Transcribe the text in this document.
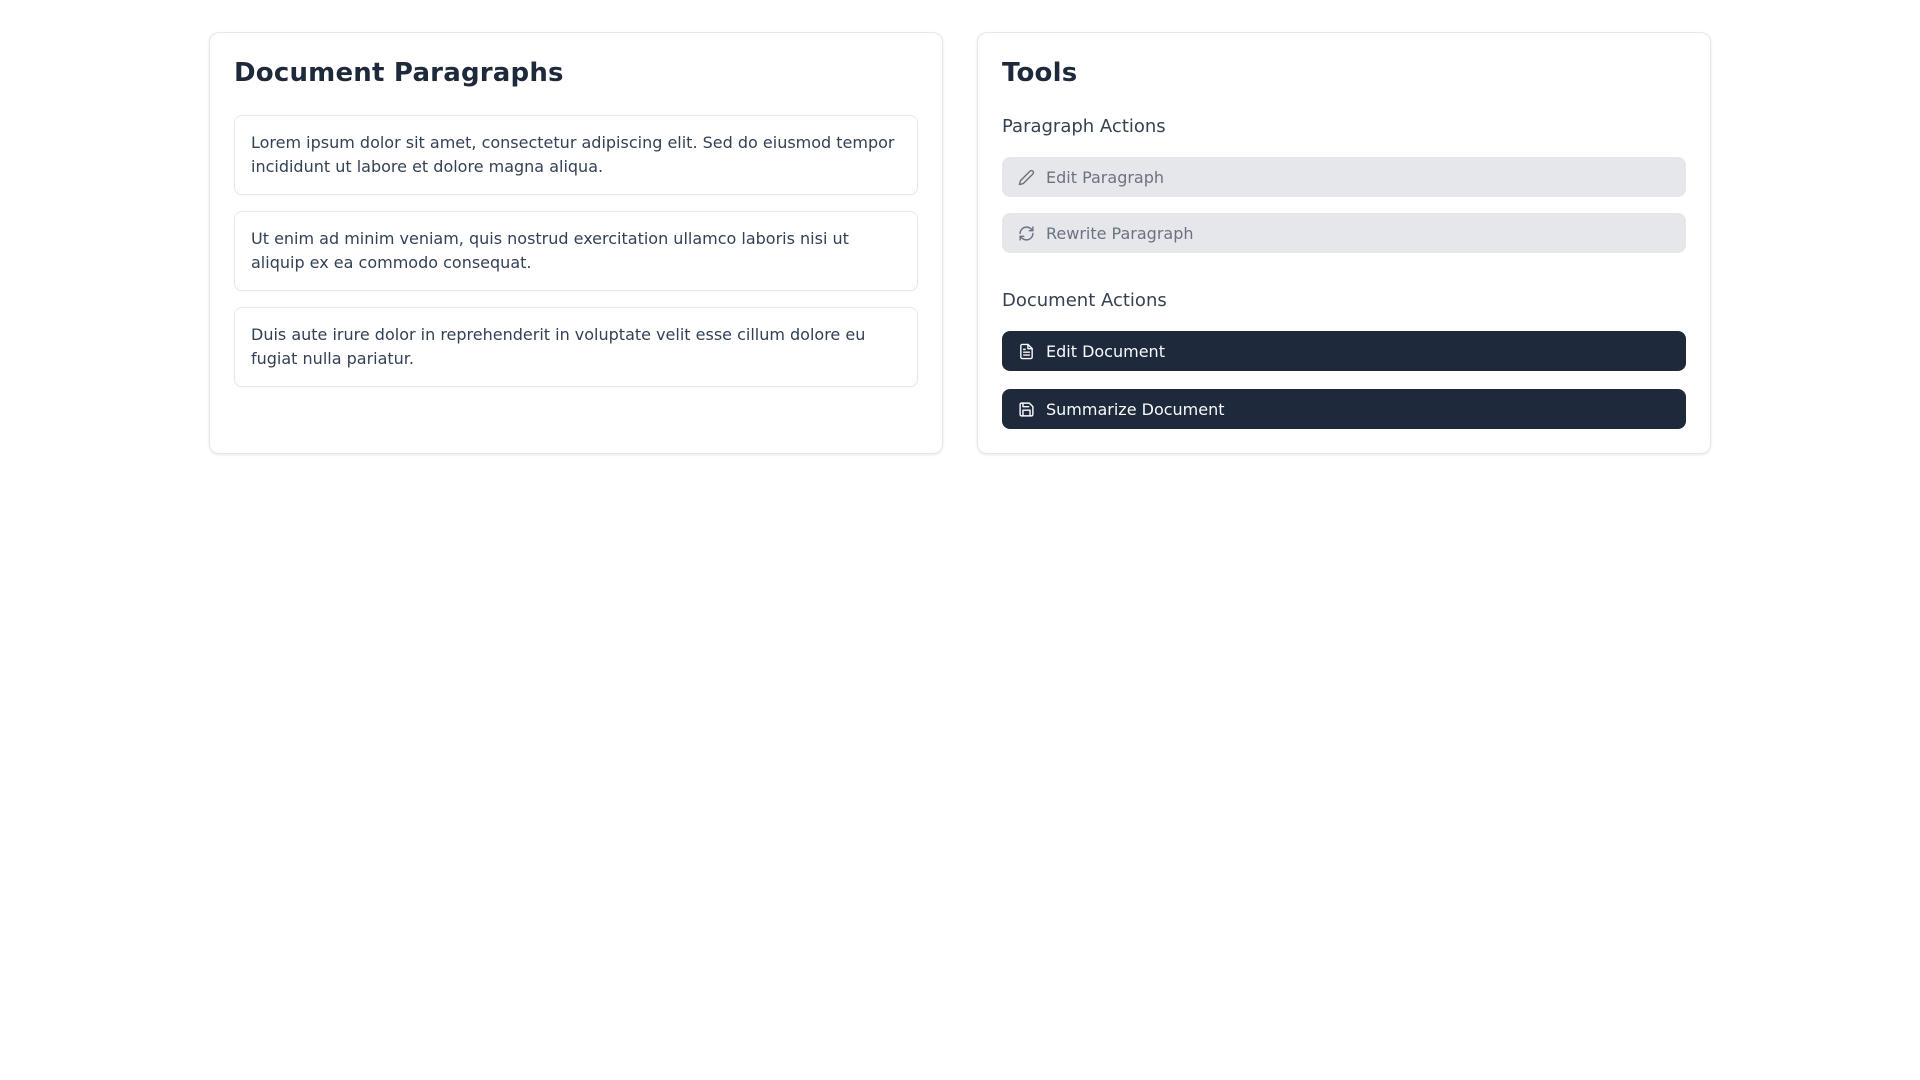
Document Paragraphs
Lorem ipsum dolor sit amet, consectetur adipiscing elit. Sed do eiusmod tempor incididunt ut labore et dolore magna aliqua.
Ut enim ad minim veniam, quis nostrud exercitation ullamco laboris nisi ut aliquip ex ea commodo consequat.
Duis aute irure dolor in reprehenderit in voluptate velit esse cillum dolore eu fugiat nulla pariatur.
Tools
Paragraph Actions
Edit Paragraph
Rewrite Paragraph
Document Actions
Edit Document
Summarize Document
